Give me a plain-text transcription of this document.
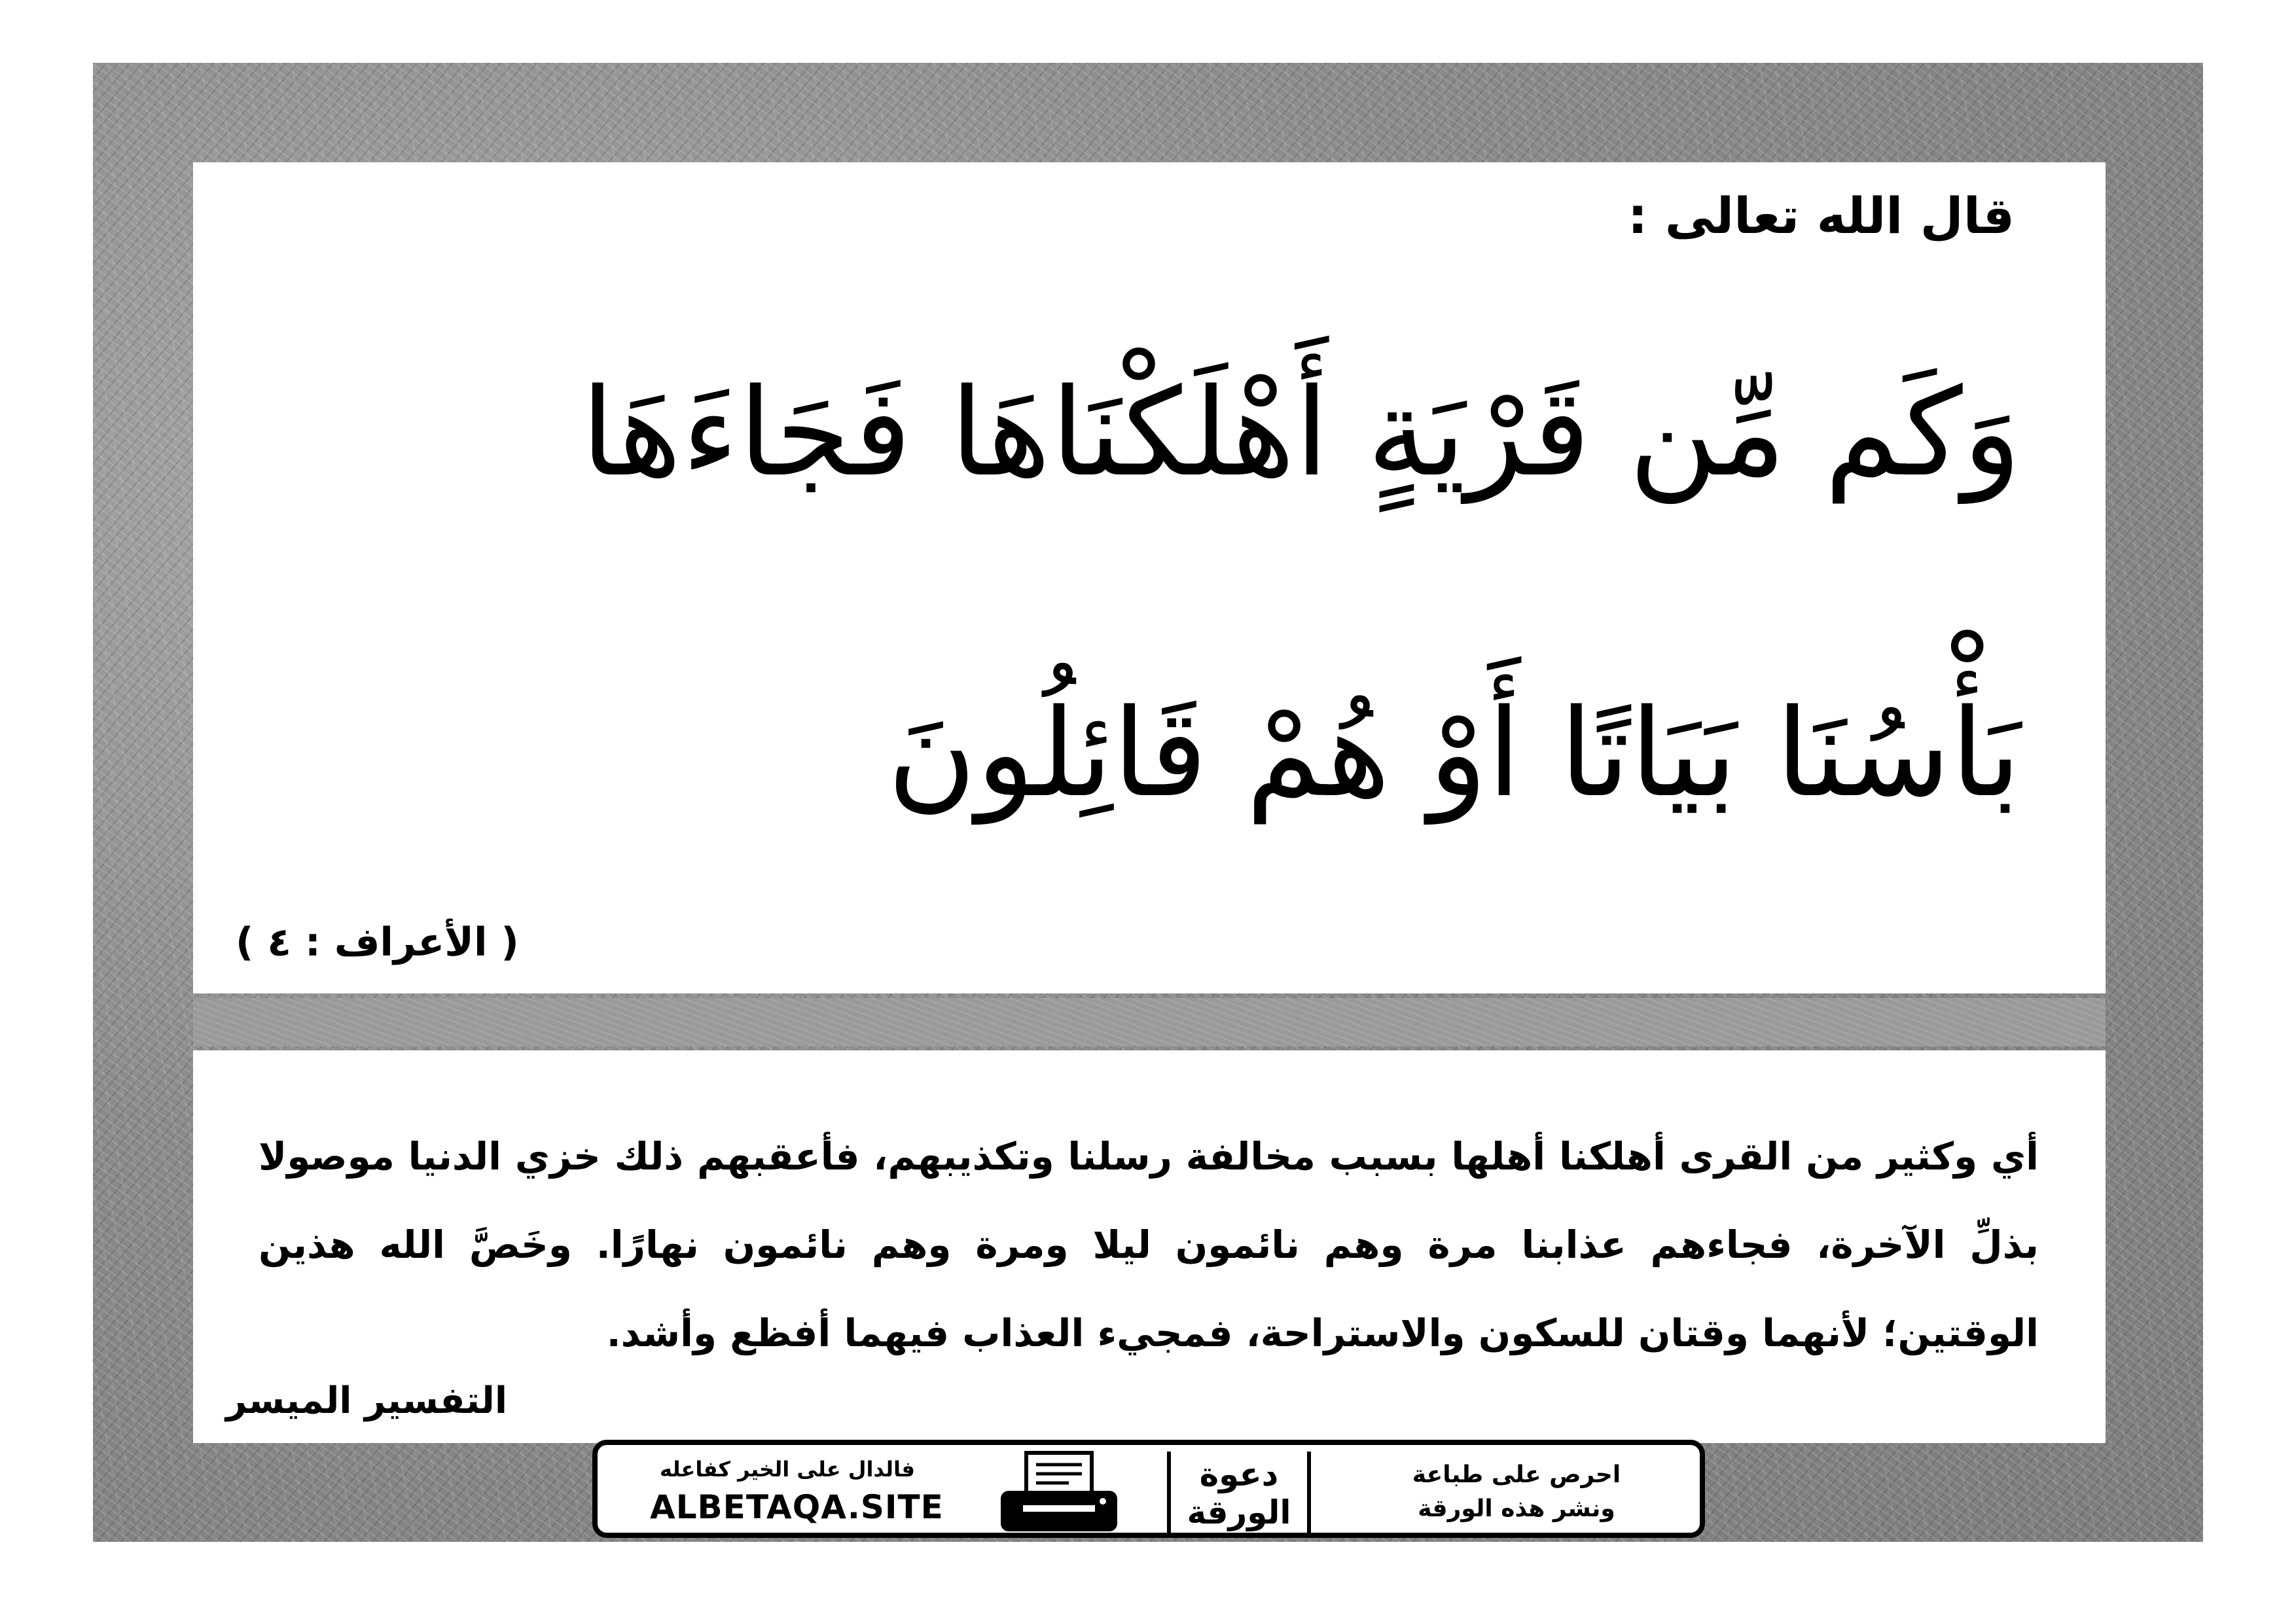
قال الله تعالى :
وَكَم مِّن قَرْيَةٍ أَهْلَكْنَاهَا فَجَاءَهَا
بَأْسُنَا بَيَاتًا أَوْ هُمْ قَائِلُونَ
( الأعراف : ٤ )
أي وكثير من القرى أهلكنا أهلها بسبب مخالفة رسلنا وتكذيبهم، فأعقبهم ذلك خزي الدنيا موصولا بذلِّ الآخرة، فجاءهم عذابنا مرة وهم نائمون ليلا ومرة وهم نائمون نهارًا. وخَصَّ الله هذين الوقتين؛ لأنهما وقتان للسكون والاستراحة، فمجيء العذاب فيهما أفظع وأشد.
التفسير الميسر
فالدال على الخير كفاعله
ALBETAQA.SITE
دعوة
الورقة
احرص على طباعة
ونشر هذه الورقة
